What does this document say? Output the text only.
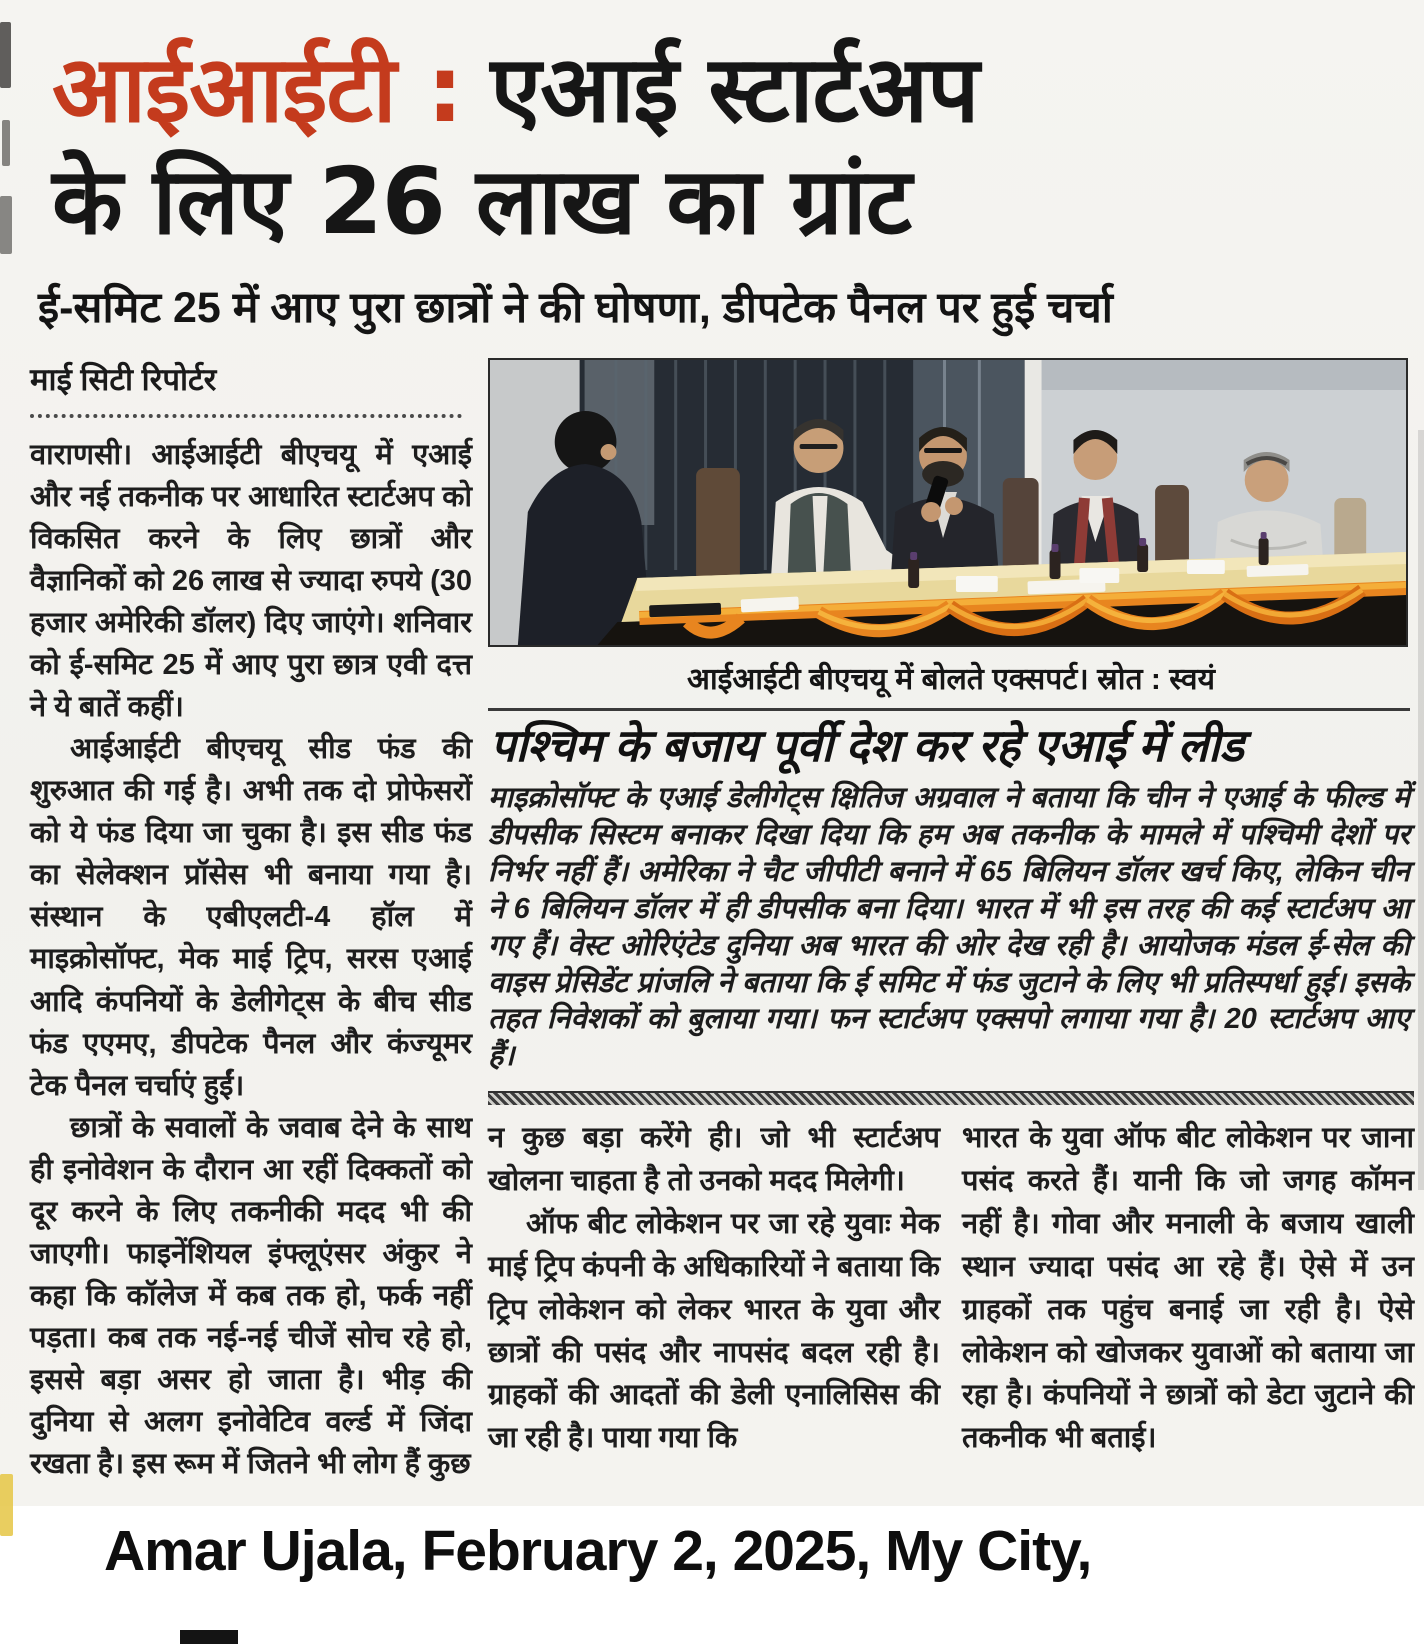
आईआईटी : एआई स्टार्टअप
के लिए 26 लाख का ग्रांट
ई-समिट 25 में आए पुरा छात्रों ने की घोषणा, डीपटेक पैनल पर हुई चर्चा
माई सिटी रिपोर्टर

वाराणसी। आईआईटी बीएचयू में एआई और नई तकनीक पर आधारित स्टार्टअप को विकसित करने के लिए छात्रों और वैज्ञानिकों को 26 लाख से ज्यादा रुपये (30 हजार अमेरिकी डॉलर) दिए जाएंगे। शनिवार को ई-समिट 25 में आए पुरा छात्र एवी दत्त ने ये बातें कहीं।

आईआईटी बीएचयू सीड फंड की शुरुआत की गई है। अभी तक दो प्रोफेसरों को ये फंड दिया जा चुका है। इस सीड फंड का सेलेक्शन प्रॉसेस भी बनाया गया है। संस्थान के एबीएलटी-4 हॉल में माइक्रोसॉफ्ट, मेक माई ट्रिप, सरस एआई आदि कंपनियों के डेलीगेट्स के बीच सीड फंड एएमए, डीपटेक पैनल और कंज्यूमर टेक पैनल चर्चाएं हुईं।

छात्रों के सवालों के जवाब देने के साथ ही इनोवेशन के दौरान आ रहीं दिक्कतों को दूर करने के लिए तकनीकी मदद भी की जाएगी। फाइनेंशियल इंफ्लूएंसर अंकुर ने कहा कि कॉलेज में कब तक हो, फर्क नहीं पड़ता। कब तक नई-नई चीजें सोच रहे हो, इससे बड़ा असर हो जाता है। भीड़ की दुनिया से अलग इनोवेटिव वर्ल्ड में जिंदा रखता है। इस रूम में जितने भी लोग हैं कुछ

आईआईटी बीएचयू में बोलते एक्सपर्ट। स्रोत : स्वयं
पश्चिम के बजाय पूर्वी देश कर रहे एआई में लीड
माइक्रोसॉफ्ट के एआई डेलीगेट्स क्षितिज अग्रवाल ने बताया कि चीन ने एआई के फील्ड में डीपसीक सिस्टम बनाकर दिखा दिया कि हम अब तकनीक के मामले में पश्चिमी देशों पर निर्भर नहीं हैं। अमेरिका ने चैट जीपीटी बनाने में 65 बिलियन डॉलर खर्च किए, लेकिन चीन ने 6 बिलियन डॉलर में ही डीपसीक बना दिया। भारत में भी इस तरह की कई स्टार्टअप आ गए हैं। वेस्ट ओरिएंटेड दुनिया अब भारत की ओर देख रही है। आयोजक मंडल ई-सेल की वाइस प्रेसिडेंट प्रांजलि ने बताया कि ई समिट में फंड जुटाने के लिए भी प्रतिस्पर्धा हुई। इसके तहत निवेशकों को बुलाया गया। फन स्टार्टअप एक्सपो लगाया गया है। 20 स्टार्टअप आए हैं।

न कुछ बड़ा करेंगे ही। जो भी स्टार्टअप खोलना चाहता है तो उनको मदद मिलेगी।

ऑफ बीट लोकेशन पर जा रहे युवाः मेक माई ट्रिप कंपनी के अधिकारियों ने बताया कि ट्रिप लोकेशन को लेकर भारत के युवा और छात्रों की पसंद और नापसंद बदल रही है। ग्राहकों की आदतों की डेली एनालिसिस की जा रही है। पाया गया कि

भारत के युवा ऑफ बीट लोकेशन पर जाना पसंद करते हैं। यानी कि जो जगह कॉमन नहीं है। गोवा और मनाली के बजाय खाली स्थान ज्यादा पसंद आ रहे हैं। ऐसे में उन ग्राहकों तक पहुंच बनाई जा रही है। ऐसे लोकेशन को खोजकर युवाओं को बताया जा रहा है। कंपनियों ने छात्रों को डेटा जुटाने की तकनीक भी बताई।

Amar Ujala, February 2, 2025, My City,
